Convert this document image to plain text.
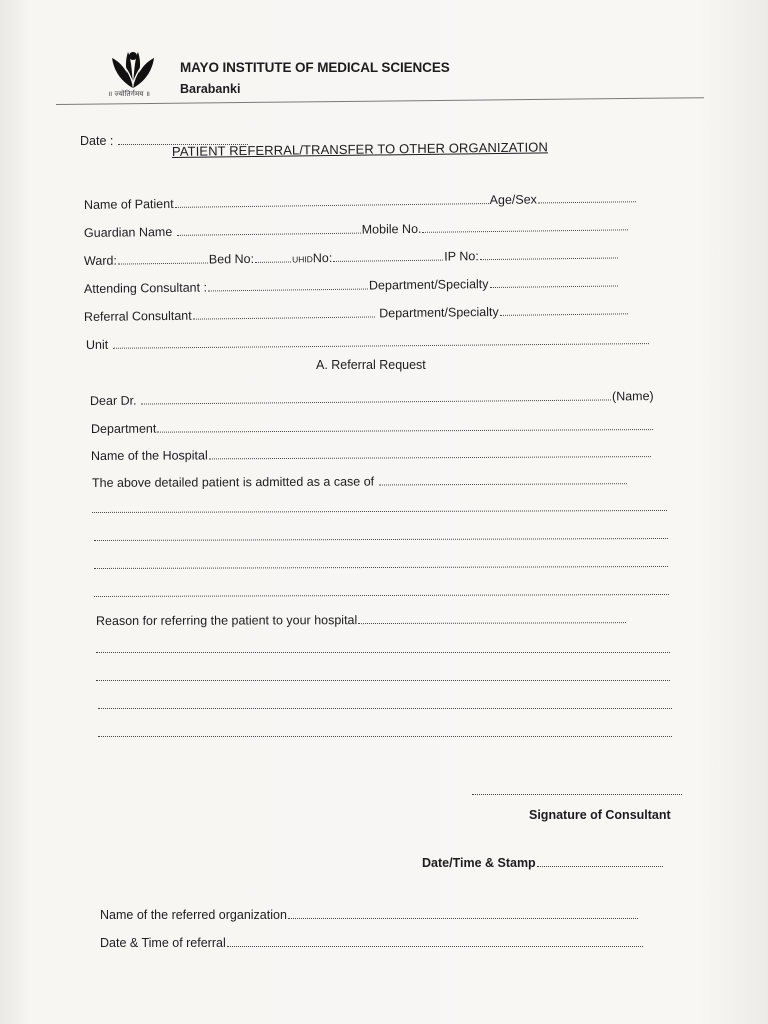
॥ ज्योतिर्गमय ॥
MAYO INSTITUTE OF MEDICAL SCIENCES
Barabanki
Date :	PATIENT REFERRAL/TRANSFER TO OTHER ORGANIZATION
Name of Patient	Age/Sex
Guardian Name	Mobile No.
Ward:	Bed No:	UHIDNo:	IP No:
Attending Consultant :	Department/Specialty
Referral Consultant	Department/Specialty
Unit
A. Referral Request
Dear Dr.	(Name)
Department
Name of the Hospital
The above detailed patient is admitted as a case of
Reason for referring the patient to your hospital
Signature of Consultant
Date/Time & Stamp
Name of the referred organization
Date & Time of referral
